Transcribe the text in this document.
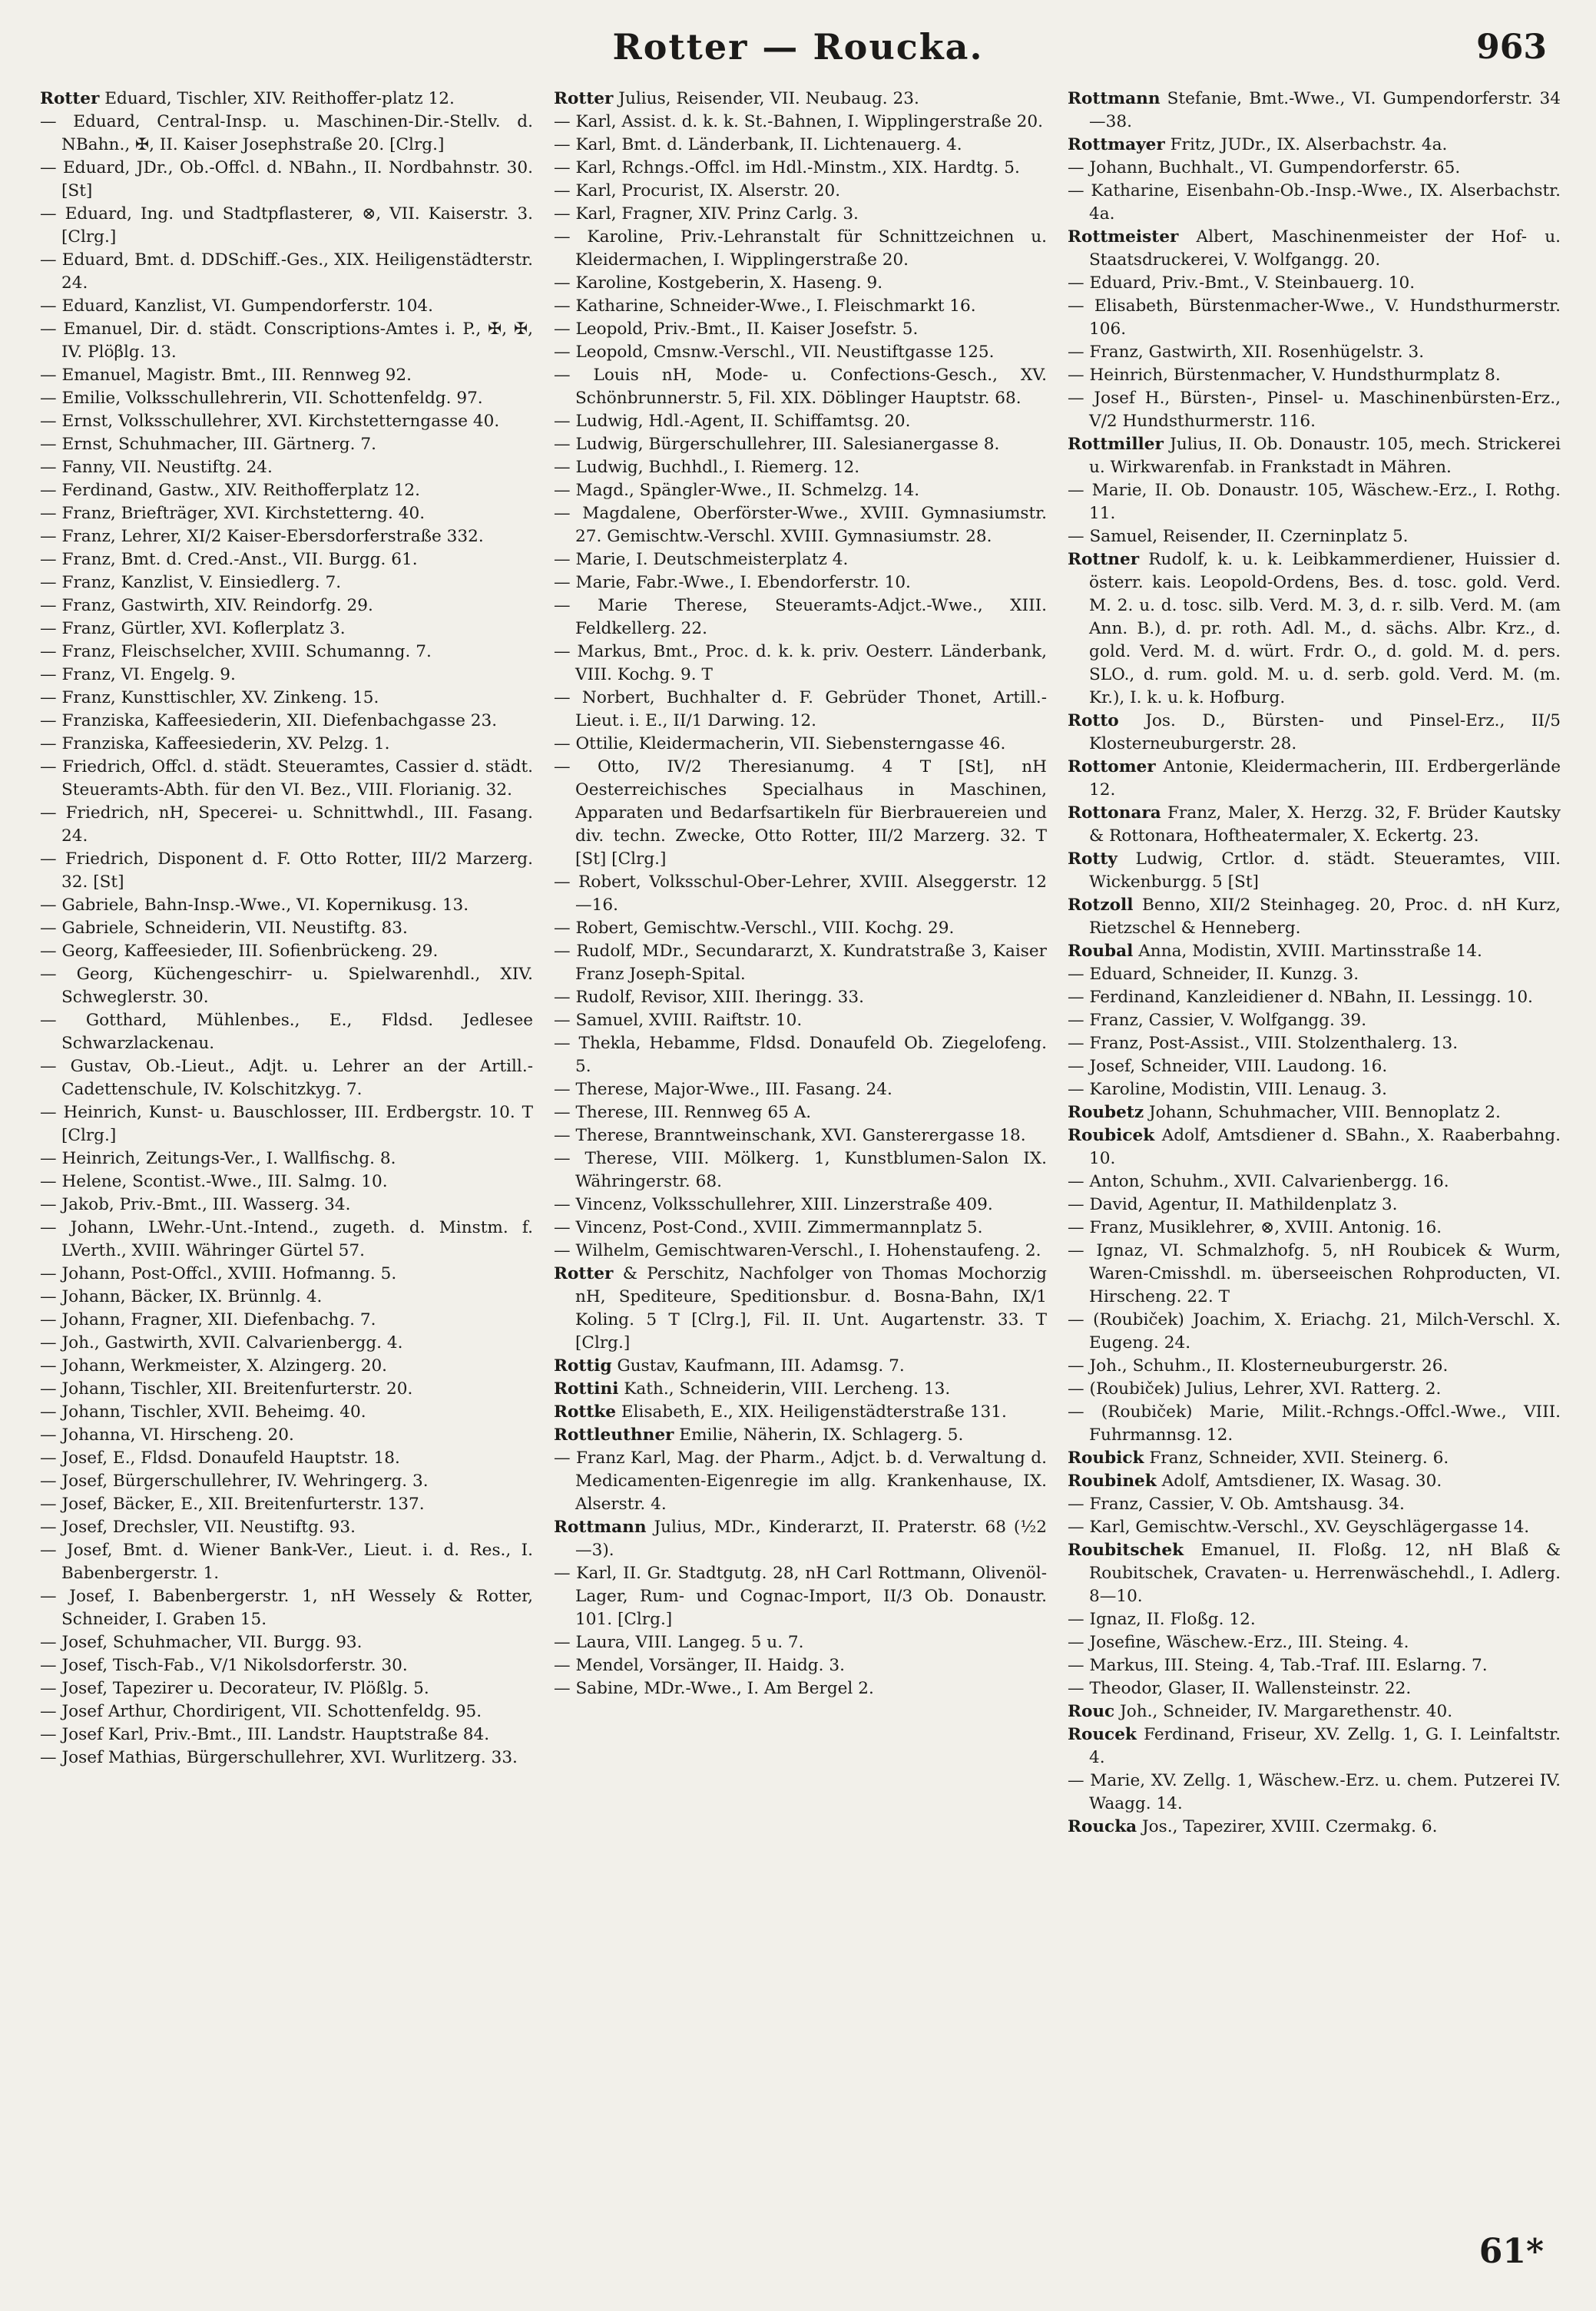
Rotter — Roucka.	963

Rotter Eduard, Tischler, XIV. Reithoffer-platz 12.

— Eduard, Central-Insp. u. Maschinen-Dir.-Stellv. d. NBahn., ✠, II. Kaiser Josephstraße 20. [Clrg.]

— Eduard, JDr., Ob.-Offcl. d. NBahn., II. Nordbahnstr. 30. [St]

— Eduard, Ing. und Stadtpflasterer, ⊗, VII. Kaiserstr. 3. [Clrg.]

— Eduard, Bmt. d. DDSchiff.-Ges., XIX. Heiligenstädterstr. 24.

— Eduard, Kanzlist, VI. Gumpendorferstr. 104.

— Emanuel, Dir. d. städt. Conscriptions-Amtes i. P., ✠, ✠, IV. Plöβlg. 13.

— Emanuel, Magistr. Bmt., III. Rennweg 92.

— Emilie, Volksschullehrerin, VII. Schottenfeldg. 97.

— Ernst, Volksschullehrer, XVI. Kirchstetterngasse 40.

— Ernst, Schuhmacher, III. Gärtnerg. 7.

— Fanny, VII. Neustiftg. 24.

— Ferdinand, Gastw., XIV. Reithofferplatz 12.

— Franz, Briefträger, XVI. Kirchstetterng. 40.

— Franz, Lehrer, XI/2 Kaiser-Ebersdorferstraße 332.

— Franz, Bmt. d. Cred.-Anst., VII. Burgg. 61.

— Franz, Kanzlist, V. Einsiedlerg. 7.

— Franz, Gastwirth, XIV. Reindorfg. 29.

— Franz, Gürtler, XVI. Koflerplatz 3.

— Franz, Fleischselcher, XVIII. Schumanng. 7.

— Franz, VI. Engelg. 9.

— Franz, Kunsttischler, XV. Zinkeng. 15.

— Franziska, Kaffeesiederin, XII. Diefenbachgasse 23.

— Franziska, Kaffeesiederin, XV. Pelzg. 1.

— Friedrich, Offcl. d. städt. Steueramtes, Cassier d. städt. Steueramts-Abth. für den VI. Bez., VIII. Florianig. 32.

— Friedrich, nH, Specerei- u. Schnittwhdl., III. Fasang. 24.

— Friedrich, Disponent d. F. Otto Rotter, III/2 Marzerg. 32. [St]

— Gabriele, Bahn-Insp.-Wwe., VI. Kopernikusg. 13.

— Gabriele, Schneiderin, VII. Neustiftg. 83.

— Georg, Kaffeesieder, III. Sofienbrückeng. 29.

— Georg, Küchengeschirr- u. Spielwarenhdl., XIV. Schweglerstr. 30.

— Gotthard, Mühlenbes., E., Fldsd. Jedlesee Schwarzlackenau.

— Gustav, Ob.-Lieut., Adjt. u. Lehrer an der Artill.-Cadettenschule, IV. Kolschitzkyg. 7.

— Heinrich, Kunst- u. Bauschlosser, III. Erdbergstr. 10. T [Clrg.]

— Heinrich, Zeitungs-Ver., I. Wallfischg. 8.

— Helene, Scontist.-Wwe., III. Salmg. 10.

— Jakob, Priv.-Bmt., III. Wasserg. 34.

— Johann, LWehr.-Unt.-Intend., zugeth. d. Minstm. f. LVerth., XVIII. Währinger Gürtel 57.

— Johann, Post-Offcl., XVIII. Hofmanng. 5.

— Johann, Bäcker, IX. Brünnlg. 4.

— Johann, Fragner, XII. Diefenbachg. 7.

— Joh., Gastwirth, XVII. Calvarienbergg. 4.

— Johann, Werkmeister, X. Alzingerg. 20.

— Johann, Tischler, XII. Breitenfurterstr. 20.

— Johann, Tischler, XVII. Beheimg. 40.

— Johanna, VI. Hirscheng. 20.

— Josef, E., Fldsd. Donaufeld Hauptstr. 18.

— Josef, Bürgerschullehrer, IV. Wehringerg. 3.

— Josef, Bäcker, E., XII. Breitenfurterstr. 137.

— Josef, Drechsler, VII. Neustiftg. 93.

— Josef, Bmt. d. Wiener Bank-Ver., Lieut. i. d. Res., I. Babenbergerstr. 1.

— Josef, I. Babenbergerstr. 1, nH Wessely & Rotter, Schneider, I. Graben 15.

— Josef, Schuhmacher, VII. Burgg. 93.

— Josef, Tisch-Fab., V/1 Nikolsdorferstr. 30.

— Josef, Tapezirer u. Decorateur, IV. Plößlg. 5.

— Josef Arthur, Chordirigent, VII. Schottenfeldg. 95.

— Josef Karl, Priv.-Bmt., III. Landstr. Hauptstraße 84.

— Josef Mathias, Bürgerschullehrer, XVI. Wurlitzerg. 33.

Rotter Julius, Reisender, VII. Neubaug. 23.

— Karl, Assist. d. k. k. St.-Bahnen, I. Wipplingerstraße 20.

— Karl, Bmt. d. Länderbank, II. Lichtenauerg. 4.

— Karl, Rchngs.-Offcl. im Hdl.-Minstm., XIX. Hardtg. 5.

— Karl, Procurist, IX. Alserstr. 20.

— Karl, Fragner, XIV. Prinz Carlg. 3.

— Karoline, Priv.-Lehranstalt für Schnittzeichnen u. Kleidermachen, I. Wipplingerstraße 20.

— Karoline, Kostgeberin, X. Haseng. 9.

— Katharine, Schneider-Wwe., I. Fleischmarkt 16.

— Leopold, Priv.-Bmt., II. Kaiser Josefstr. 5.

— Leopold, Cmsnw.-Verschl., VII. Neustiftgasse 125.

— Louis nH, Mode- u. Confections-Gesch., XV. Schönbrunnerstr. 5, Fil. XIX. Döblinger Hauptstr. 68.

— Ludwig, Hdl.-Agent, II. Schiffamtsg. 20.

— Ludwig, Bürgerschullehrer, III. Salesianergasse 8.

— Ludwig, Buchhdl., I. Riemerg. 12.

— Magd., Spängler-Wwe., II. Schmelzg. 14.

— Magdalene, Oberförster-Wwe., XVIII. Gymnasiumstr. 27. Gemischtw.-Verschl. XVIII. Gymnasiumstr. 28.

— Marie, I. Deutschmeisterplatz 4.

— Marie, Fabr.-Wwe., I. Ebendorferstr. 10.

— Marie Therese, Steueramts-Adjct.-Wwe., XIII. Feldkellerg. 22.

— Markus, Bmt., Proc. d. k. k. priv. Oesterr. Länderbank, VIII. Kochg. 9. T

— Norbert, Buchhalter d. F. Gebrüder Thonet, Artill.-Lieut. i. E., II/1 Darwing. 12.

— Ottilie, Kleidermacherin, VII. Siebensterngasse 46.

— Otto, IV/2 Theresianumg. 4 T [St], nH Oesterreichisches Specialhaus in Maschinen, Apparaten und Bedarfsartikeln für Bierbrauereien und div. techn. Zwecke, Otto Rotter, III/2 Marzerg. 32. T [St] [Clrg.]

— Robert, Volksschul-Ober-Lehrer, XVIII. Alseggerstr. 12—16.

— Robert, Gemischtw.-Verschl., VIII. Kochg. 29.

— Rudolf, MDr., Secundararzt, X. Kundratstraße 3, Kaiser Franz Joseph-Spital.

— Rudolf, Revisor, XIII. Iheringg. 33.

— Samuel, XVIII. Raiftstr. 10.

— Thekla, Hebamme, Fldsd. Donaufeld Ob. Ziegelofeng. 5.

— Therese, Major-Wwe., III. Fasang. 24.

— Therese, III. Rennweg 65 A.

— Therese, Branntweinschank, XVI. Gansterergasse 18.

— Therese, VIII. Mölkerg. 1, Kunstblumen-Salon IX. Währingerstr. 68.

— Vincenz, Volksschullehrer, XIII. Linzerstraße 409.

— Vincenz, Post-Cond., XVIII. Zimmermannplatz 5.

— Wilhelm, Gemischtwaren-Verschl., I. Hohenstaufeng. 2.

Rotter & Perschitz, Nachfolger von Thomas Mochorzig nH, Spediteure, Speditionsbur. d. Bosna-Bahn, IX/1 Koling. 5 T [Clrg.], Fil. II. Unt. Augartenstr. 33. T [Clrg.]

Rottig Gustav, Kaufmann, III. Adamsg. 7.

Rottini Kath., Schneiderin, VIII. Lercheng. 13.

Rottke Elisabeth, E., XIX. Heiligenstädterstraße 131.

Rottleuthner Emilie, Näherin, IX. Schlagerg. 5.

— Franz Karl, Mag. der Pharm., Adjct. b. d. Verwaltung d. Medicamenten-Eigenregie im allg. Krankenhause, IX. Alserstr. 4.

Rottmann Julius, MDr., Kinderarzt, II. Praterstr. 68 (½2—3).

— Karl, II. Gr. Stadtgutg. 28, nH Carl Rottmann, Olivenöl-Lager, Rum- und Cognac-Import, II/3 Ob. Donaustr. 101. [Clrg.]

— Laura, VIII. Langeg. 5 u. 7.

— Mendel, Vorsänger, II. Haidg. 3.

— Sabine, MDr.-Wwe., I. Am Bergel 2.

Rottmann Stefanie, Bmt.-Wwe., VI. Gumpendorferstr. 34—38.

Rottmayer Fritz, JUDr., IX. Alserbachstr. 4a.

— Johann, Buchhalt., VI. Gumpendorferstr. 65.

— Katharine, Eisenbahn-Ob.-Insp.-Wwe., IX. Alserbachstr. 4a.

Rottmeister Albert, Maschinenmeister der Hof- u. Staatsdruckerei, V. Wolfgangg. 20.

— Eduard, Priv.-Bmt., V. Steinbauerg. 10.

— Elisabeth, Bürstenmacher-Wwe., V. Hundsthurmerstr. 106.

— Franz, Gastwirth, XII. Rosenhügelstr. 3.

— Heinrich, Bürstenmacher, V. Hundsthurmplatz 8.

— Josef H., Bürsten-, Pinsel- u. Maschinenbürsten-Erz., V/2 Hundsthurmerstr. 116.

Rottmiller Julius, II. Ob. Donaustr. 105, mech. Strickerei u. Wirkwarenfab. in Frankstadt in Mähren.

— Marie, II. Ob. Donaustr. 105, Wäschew.-Erz., I. Rothg. 11.

— Samuel, Reisender, II. Czerninplatz 5.

Rottner Rudolf, k. u. k. Leibkammerdiener, Huissier d. österr. kais. Leopold-Ordens, Bes. d. tosc. gold. Verd. M. 2. u. d. tosc. silb. Verd. M. 3, d. r. silb. Verd. M. (am Ann. B.), d. pr. roth. Adl. M., d. sächs. Albr. Krz., d. gold. Verd. M. d. würt. Frdr. O., d. gold. M. d. pers. SLO., d. rum. gold. M. u. d. serb. gold. Verd. M. (m. Kr.), I. k. u. k. Hofburg.

Rotto Jos. D., Bürsten- und Pinsel-Erz., II/5 Klosterneuburgerstr. 28.

Rottomer Antonie, Kleidermacherin, III. Erdbergerlände 12.

Rottonara Franz, Maler, X. Herzg. 32, F. Brüder Kautsky & Rottonara, Hoftheatermaler, X. Eckertg. 23.

Rotty Ludwig, Crtlor. d. städt. Steueramtes, VIII. Wickenburgg. 5 [St]

Rotzoll Benno, XII/2 Steinhageg. 20, Proc. d. nH Kurz, Rietzschel & Henneberg.

Roubal Anna, Modistin, XVIII. Martinsstraße 14.

— Eduard, Schneider, II. Kunzg. 3.

— Ferdinand, Kanzleidiener d. NBahn, II. Lessingg. 10.

— Franz, Cassier, V. Wolfgangg. 39.

— Franz, Post-Assist., VIII. Stolzenthalerg. 13.

— Josef, Schneider, VIII. Laudong. 16.

— Karoline, Modistin, VIII. Lenaug. 3.

Roubetz Johann, Schuhmacher, VIII. Bennoplatz 2.

Roubicek Adolf, Amtsdiener d. SBahn., X. Raaberbahng. 10.

— Anton, Schuhm., XVII. Calvarienbergg. 16.

— David, Agentur, II. Mathildenplatz 3.

— Franz, Musiklehrer, ⊗, XVIII. Antonig. 16.

— Ignaz, VI. Schmalzhofg. 5, nH Roubicek & Wurm, Waren-Cmisshdl. m. überseeischen Rohproducten, VI. Hirscheng. 22. T

— (Roubiček) Joachim, X. Eriachg. 21, Milch-Verschl. X. Eugeng. 24.

— Joh., Schuhm., II. Klosterneuburgerstr. 26.

— (Roubiček) Julius, Lehrer, XVI. Ratterg. 2.

— (Roubiček) Marie, Milit.-Rchngs.-Offcl.-Wwe., VIII. Fuhrmannsg. 12.

Roubick Franz, Schneider, XVII. Steinerg. 6.

Roubinek Adolf, Amtsdiener, IX. Wasag. 30.

— Franz, Cassier, V. Ob. Amtshausg. 34.

— Karl, Gemischtw.-Verschl., XV. Geyschlägergasse 14.

Roubitschek Emanuel, II. Floßg. 12, nH Blaß & Roubitschek, Cravaten- u. Herrenwäschehdl., I. Adlerg. 8—10.

— Ignaz, II. Floßg. 12.

— Josefine, Wäschew.-Erz., III. Steing. 4.

— Markus, III. Steing. 4, Tab.-Traf. III. Eslarng. 7.

— Theodor, Glaser, II. Wallensteinstr. 22.

Rouc Joh., Schneider, IV. Margarethenstr. 40.

Roucek Ferdinand, Friseur, XV. Zellg. 1, G. I. Leinfaltstr. 4.

— Marie, XV. Zellg. 1, Wäschew.-Erz. u. chem. Putzerei IV. Waagg. 14.

Roucka Jos., Tapezirer, XVIII. Czermakg. 6.

61*
